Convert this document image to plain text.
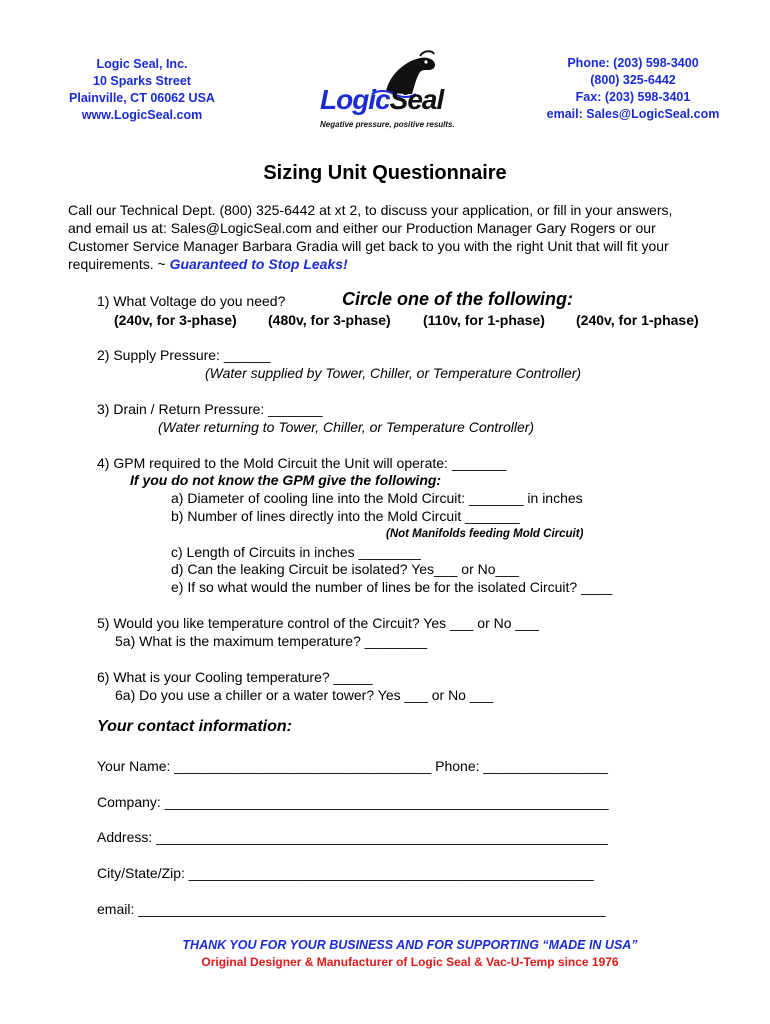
Logic Seal, Inc.
10 Sparks Street
Plainville, CT 06062 USA
www.LogicSeal.com	LogicSeal
Negative pressure, positive results.
Phone: (203) 598-3400
(800) 325-6442
Fax: (203) 598-3401
email: Sales@LogicSeal.com
Sizing Unit Questionnaire
Call our Technical Dept. (800) 325-6442 at xt 2, to discuss your application, or fill in your answers,
and email us at: Sales@LogicSeal.com and either our Production Manager Gary Rogers or our
Customer Service Manager Barbara Gradia will get back to you with the right Unit that will fit your
requirements. ~ Guaranteed to Stop Leaks!
1) What Voltage do you need?	Circle one of the following:
(240v, for 3-phase) (480v, for 3-phase) (110v, for 1-phase) (240v, for 1-phase)
2) Supply Pressure: ______
(Water supplied by Tower, Chiller, or Temperature Controller)
3) Drain / Return Pressure: _______
(Water returning to Tower, Chiller, or Temperature Controller)
4) GPM required to the Mold Circuit the Unit will operate: _______
If you do not know the GPM give the following:
a) Diameter of cooling line into the Mold Circuit: _______ in inches
b) Number of lines directly into the Mold Circuit _______
(Not Manifolds feeding Mold Circuit)
c) Length of Circuits in inches ________
d) Can the leaking Circuit be isolated? Yes___ or No___
e) If so what would the number of lines be for the isolated Circuit? ____
5) Would you like temperature control of the Circuit? Yes ___ or No ___
5a) What is the maximum temperature? ________
6) What is your Cooling temperature? _____
6a) Do you use a chiller or a water tower? Yes ___ or No ___
Your contact information:
Your Name: _________________________________ Phone: ________________
Company: _________________________________________________________
Address: __________________________________________________________
City/State/Zip: ____________________________________________________
email: ____________________________________________________________
THANK YOU FOR YOUR BUSINESS AND FOR SUPPORTING “MADE IN USA”
Original Designer & Manufacturer of Logic Seal & Vac-U-Temp since 1976
